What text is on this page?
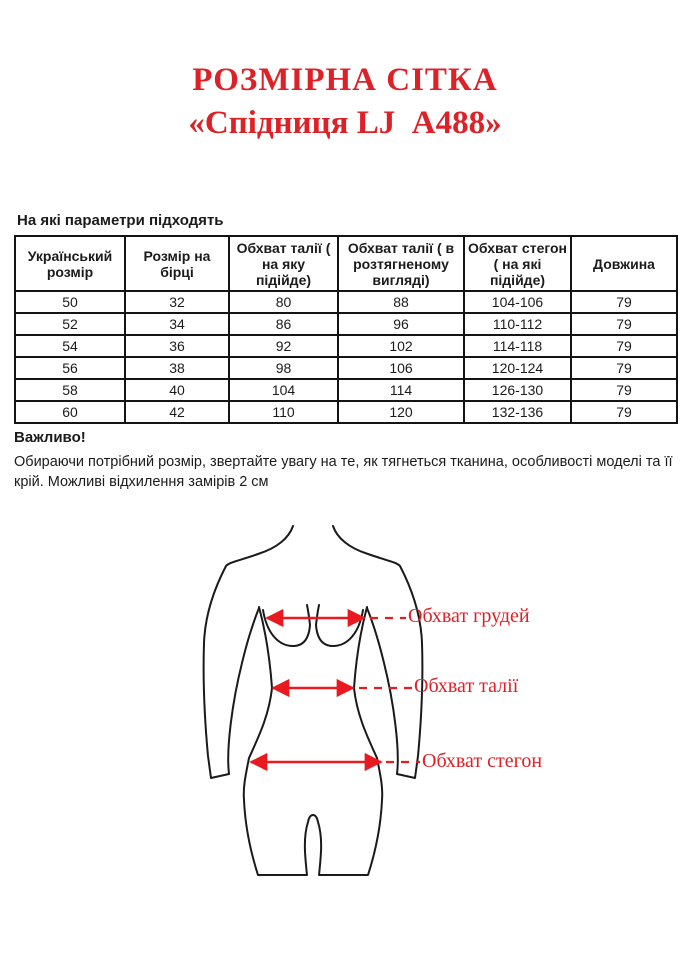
РОЗМІРНА СІТКА
«Спідниця LJ  А488»
На які параметри підходять
Український розмір	Розмір на бірці	Обхват талії ( на яку підійде)	Обхват талії ( в розтягненому вигляді)	Обхват стегон ( на які підійде)	Довжина
50	32	80	88	104-106	79
52	34	86	96	110-112	79
54	36	92	102	114-118	79
56	38	98	106	120-124	79
58	40	104	114	126-130	79
60	42	110	120	132-136	79
Важливо!
Обираючи потрібний розмір, звертайте увагу на те, як тягнеться тканина, особливості моделі та її крій. Можливі відхилення замірів 2 см
Обхват грудей
Обхват талії
Обхват стегон
